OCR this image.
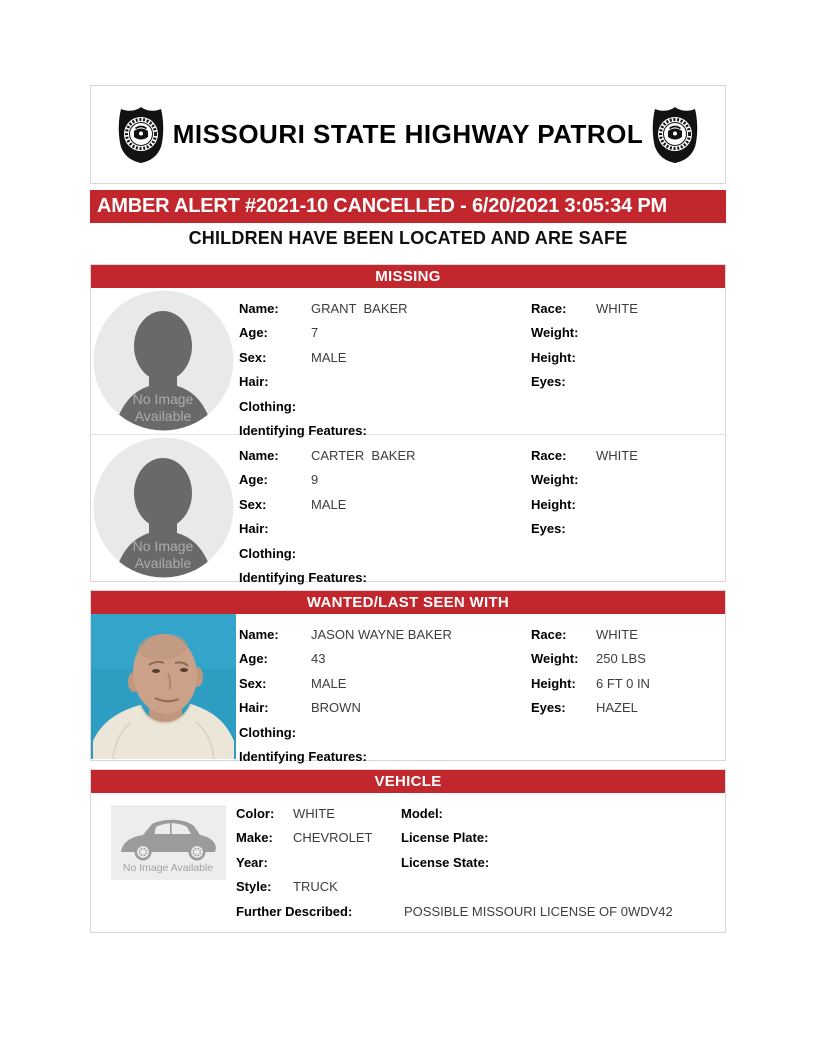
MISSOURI STATE HIGHWAY PATROL
AMBER ALERT #2021-10 CANCELLED - 6/20/2021 3:05:34 PM
CHILDREN HAVE BEEN LOCATED AND ARE SAFE
MISSING
No Image
Available
Name:	GRANT  BAKER
Age:	7
Sex:	MALE
Hair:
Clothing:
Identifying Features:
Race:	WHITE
Weight:
Height:
Eyes:
No Image
Available
Name:	CARTER  BAKER
Age:	9
Sex:	MALE
Hair:
Clothing:
Identifying Features:
Race:	WHITE
Weight:
Height:
Eyes:
WANTED/LAST SEEN WITH
Name:	JASON WAYNE BAKER
Age:	43
Sex:	MALE
Hair:	BROWN
Clothing:
Identifying Features:
Race:	WHITE
Weight:	250 LBS
Height:	6 FT 0 IN
Eyes:	HAZEL
VEHICLE
No Image Available
Color:	WHITE
Make:	CHEVROLET
Year:
Style:	TRUCK
Model:
License Plate:
License State:
Further Described:	POSSIBLE MISSOURI LICENSE OF 0WDV42
